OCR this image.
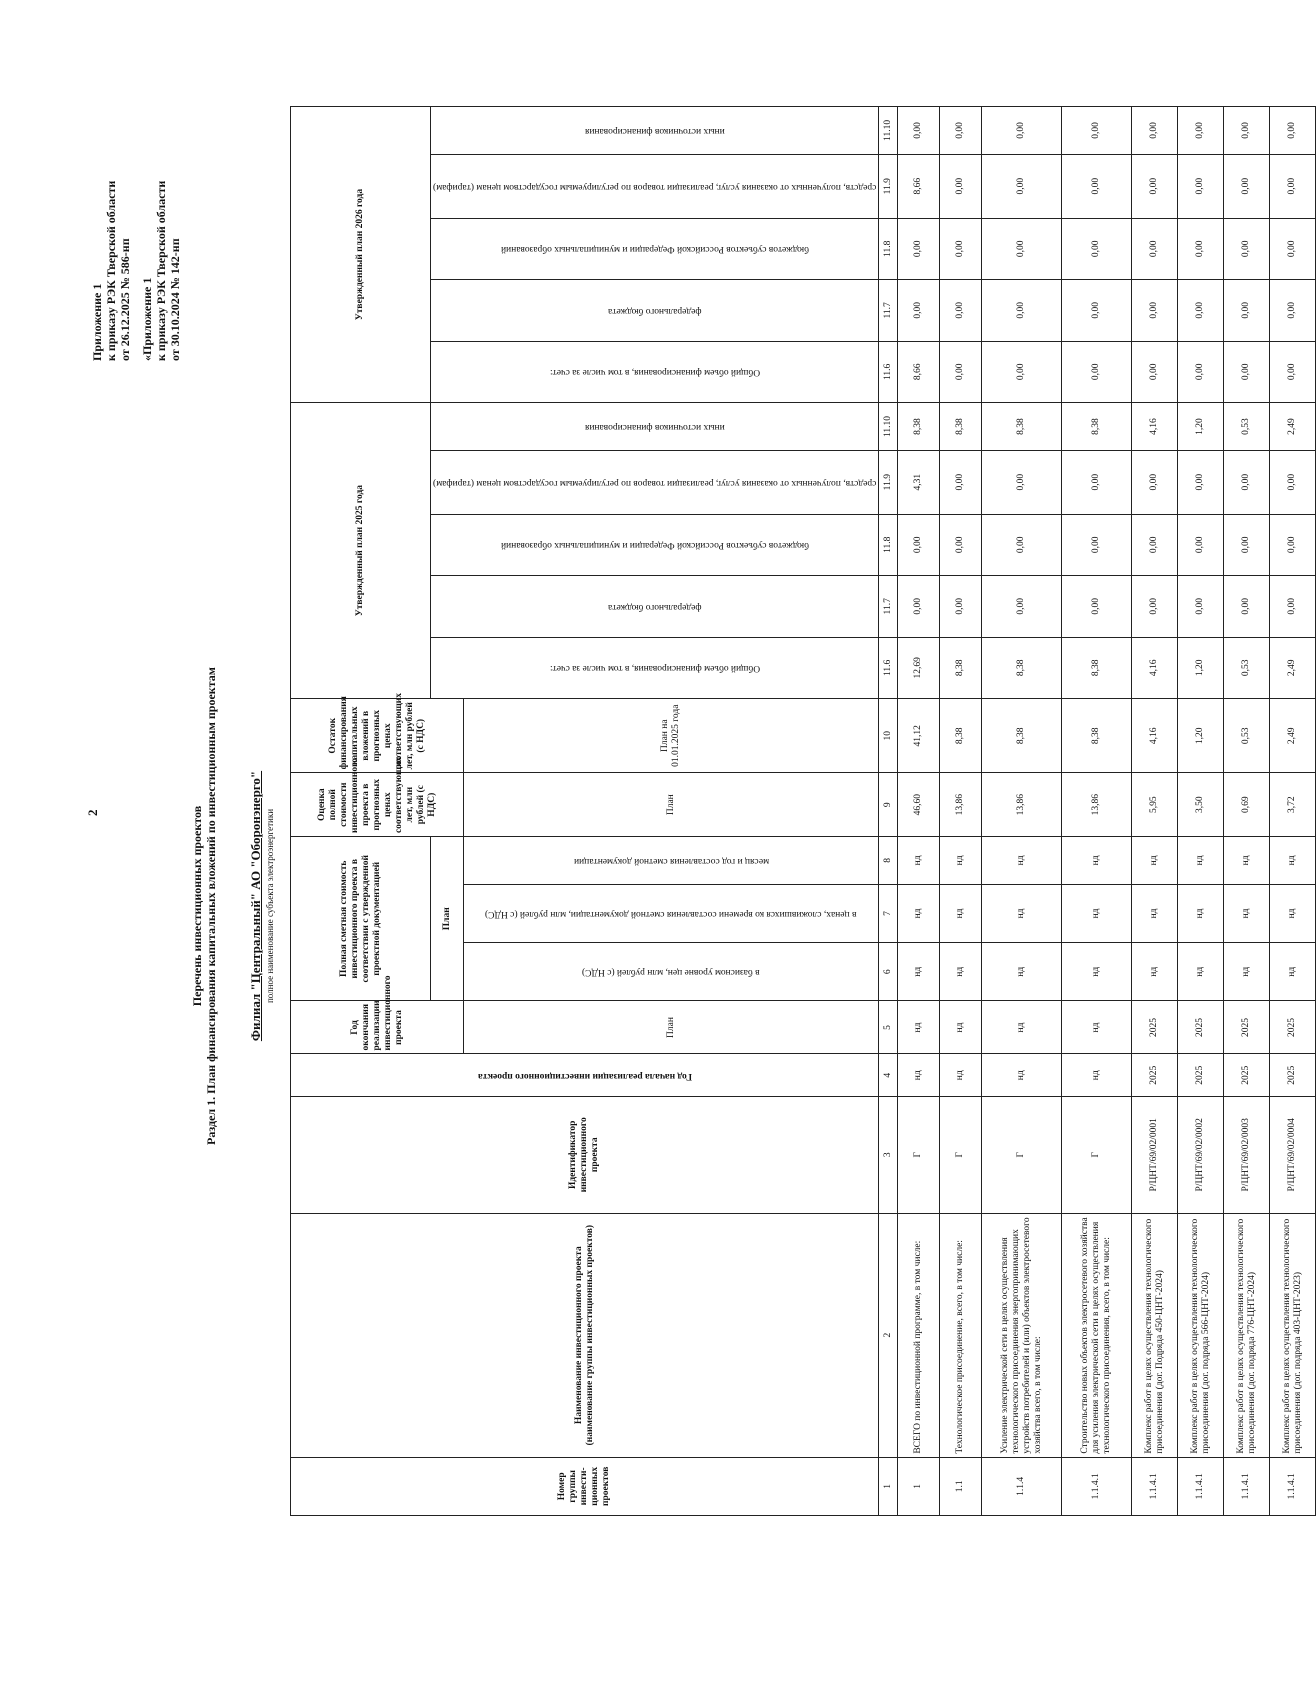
2
Приложение 1 к приказу РЭК Тверской области от 26.12.2025 № 586-нп «Приложение 1 к приказу РЭК Тверской области от 30.10.2024 № 142-нп
Перечень инвестиционных проектов Раздел 1. План финансирования капитальных вложений по инвестиционным проектам Филиал "Центральный" АО "Оборонэнерго" полное наименование субъекта электроэнергетики
Номер группы инвести-ционных проектов	Наименование инвестиционного проекта (наименование группы инвестиционных проектов)	Идентификатор инвестиционного проекта	Год начала реализации инвестиционного проекта	Год окончания реализации инвестиционного проекта	Полная сметная стоимость инвестиционного проекта в соответствии с утвержденной проектной документацией			Оценка полной стоимости инвестиционного проекта в прогнозных ценах соответствующих лет, млн рублей (с НДС)	Остаток финансирования капитальных вложений в прогнозных ценах соответствующих лет, млн рублей (с НДС)	Утвержденный план 2025 года					Утвержденный план 2026 года				
					План					Общий объем финансирования, в том числе за счет:	федерального бюджета	бюджетов субъектов Российской Федерации и муниципальных образований	средств, полученных от оказания услуг, реализации товаров по регулируемым государством ценам (тарифам)	иных источников финансирования	Общий объем финансирования, в том числе за счет:	федерального бюджета	бюджетов субъектов Российской Федерации и муниципальных образований	средств, полученных от оказания услуг, реализации товаров по регулируемым государством ценам (тарифам)	иных источников финансирования

				План	в базисном уровне цен, млн рублей (с НДС)	в ценах, сложившихся ко времени составления сметной документации, млн рублей (с НДС)	месяц и год составления сметной документации	План	План на 01.01.2025 года										
1	2	3	4	5	6	7	8	9	10	11.6	11.7	11.8	11.9	11.10	11.6	11.7	11.8	11.9	11.10
1	ВСЕГО по инвестиционной программе, в том числе:	Г	нд	нд	нд	нд	нд	46,60	41,12	12,69	0,00	0,00	4,31	8,38	8,66	0,00	0,00	8,66	0,00
1.1	Технологическое присоединение, всего, в том числе:	Г	нд	нд	нд	нд	нд	13,86	8,38	8,38	0,00	0,00	0,00	8,38	0,00	0,00	0,00	0,00	0,00
1.1.4	Усиление электрической сети в целях осуществления технологического присоединения энергопринимающих устройств потребителей и (или) объектов электросетевого хозяйства всего, в том числе:	Г	нд	нд	нд	нд	нд	13,86	8,38	8,38	0,00	0,00	0,00	8,38	0,00	0,00	0,00	0,00	0,00
1.1.4.1	Строительство новых объектов электросетевого хозяйства для усиления электрической сети в целях осуществления технологического присоединения, всего, в том числе:	Г	нд	нд	нд	нд	нд	13,86	8,38	8,38	0,00	0,00	0,00	8,38	0,00	0,00	0,00	0,00	0,00
1.1.4.1	Комплекс работ в целях осуществления технологического присоединения (дог. Подряда 450-ЦНТ-2024)	P/ЦНТ/69/02/0001	2025	2025	нд	нд	нд	5,95	4,16	4,16	0,00	0,00	0,00	4,16	0,00	0,00	0,00	0,00	0,00
1.1.4.1	Комплекс работ в целях осуществления технологического присоединения (дог. подряда 566-ЦНТ-2024)	P/ЦНТ/69/02/0002	2025	2025	нд	нд	нд	3,50	1,20	1,20	0,00	0,00	0,00	1,20	0,00	0,00	0,00	0,00	0,00
1.1.4.1	Комплекс работ в целях осуществления технологического присоединения (дог. подряда 776-ЦНТ-2024)	P/ЦНТ/69/02/0003	2025	2025	нд	нд	нд	0,69	0,53	0,53	0,00	0,00	0,00	0,53	0,00	0,00	0,00	0,00	0,00
1.1.4.1	Комплекс работ в целях осуществления технологического присоединения (дог. подряда 403-ЦНТ-2023)	P/ЦНТ/69/02/0004	2025	2025	нд	нд	нд	3,72	2,49	2,49	0,00	0,00	0,00	2,49	0,00	0,00	0,00	0,00	0,00
